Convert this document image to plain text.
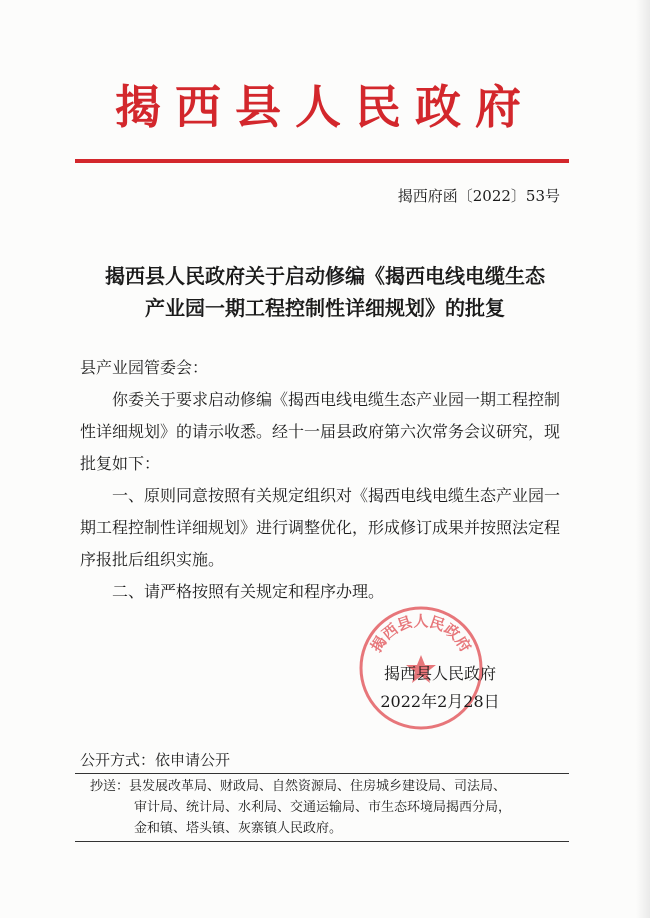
揭西县人民政府
揭西府函〔2022〕53号
揭西县人民政府关于启动修编《揭西电线电缆生态
产业园一期工程控制性详细规划》的批复

县产业园管委会：

你委关于要求启动修编《揭西电线电缆生态产业园一期工程控制性详细规划》的请示收悉。经十一届县政府第六次常务会议研究，现批复如下：

一、原则同意按照有关规定组织对《揭西电线电缆生态产业园一期工程控制性详细规划》进行调整优化，形成修订成果并按照法定程序报批后组织实施。

二、请严格按照有关规定和程序办理。

揭西县人民政府
揭西县人民政府
2022年2月28日
公开方式：依申请公开
抄送：县发展改革局、财政局、自然资源局、住房城乡建设局、司法局、
审计局、统计局、水利局、交通运输局、市生态环境局揭西分局，
金和镇、塔头镇、灰寨镇人民政府。
